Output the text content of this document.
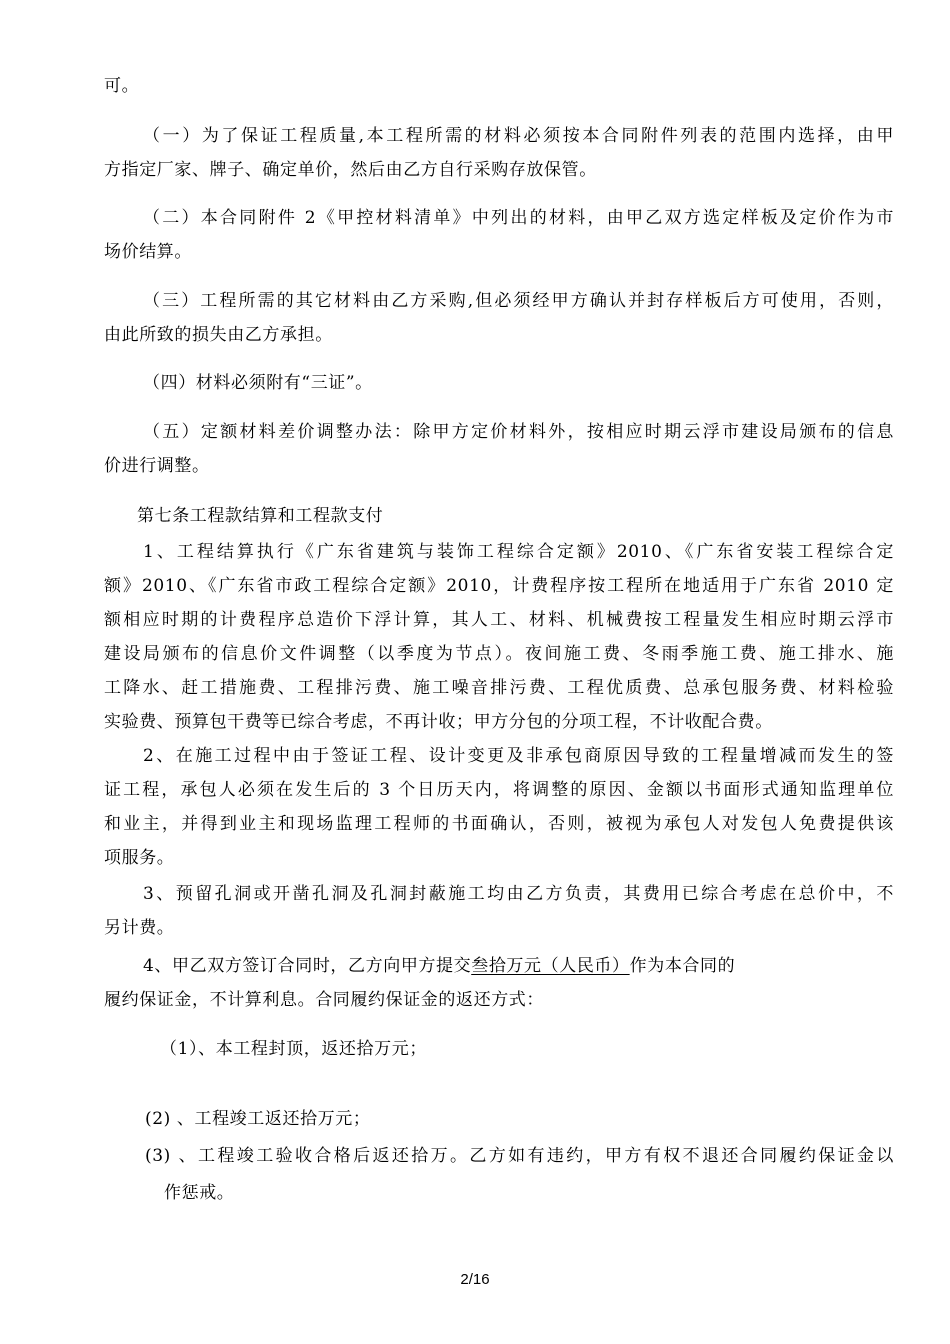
可。
（一）为了保证工程质量,本工程所需的材料必须按本合同附件列表的范围内选择，由甲
方指定厂家、牌子、确定单价，然后由乙方自行采购存放保管。
（二）本合同附件 2《甲控材料清单》中列出的材料，由甲乙双方选定样板及定价作为市
场价结算。
（三）工程所需的其它材料由乙方采购,但必须经甲方确认并封存样板后方可使用，否则，
由此所致的损失由乙方承担。
（四）材料必须附有“三证”。
（五）定额材料差价调整办法：除甲方定价材料外，按相应时期云浮市建设局颁布的信息
价进行调整。
第七条工程款结算和工程款支付
1、工程结算执行《广东省建筑与装饰工程综合定额》2010、《广东省安装工程综合定
额》2010、《广东省市政工程综合定额》2010，计费程序按工程所在地适用于广东省 2010 定
额相应时期的计费程序总造价下浮计算，其人工、材料、机械费按工程量发生相应时期云浮市
建设局颁布的信息价文件调整（以季度为节点）。夜间施工费、冬雨季施工费、施工排水、施
工降水、赶工措施费、工程排污费、施工噪音排污费、工程优质费、总承包服务费、材料检验
实验费、预算包干费等已综合考虑，不再计收；甲方分包的分项工程，不计收配合费。
2、在施工过程中由于签证工程、设计变更及非承包商原因导致的工程量增减而发生的签
证工程，承包人必须在发生后的 3 个日历天内，将调整的原因、金额以书面形式通知监理单位
和业主，并得到业主和现场监理工程师的书面确认，否则，被视为承包人对发包人免费提供该
项服务。
3、预留孔洞或开凿孔洞及孔洞封蔽施工均由乙方负责，其费用已综合考虑在总价中，不
另计费。
4、甲乙双方签订合同时，乙方向甲方提交叁拾万元（人民币）作为本合同的
履约保证金，不计算利息。合同履约保证金的返还方式：
（1）、本工程封顶，返还拾万元；
(2) 、工程竣工返还拾万元；
(3) 、工程竣工验收合格后返还拾万。乙方如有违约，甲方有权不退还合同履约保证金以
作惩戒。
2/16
